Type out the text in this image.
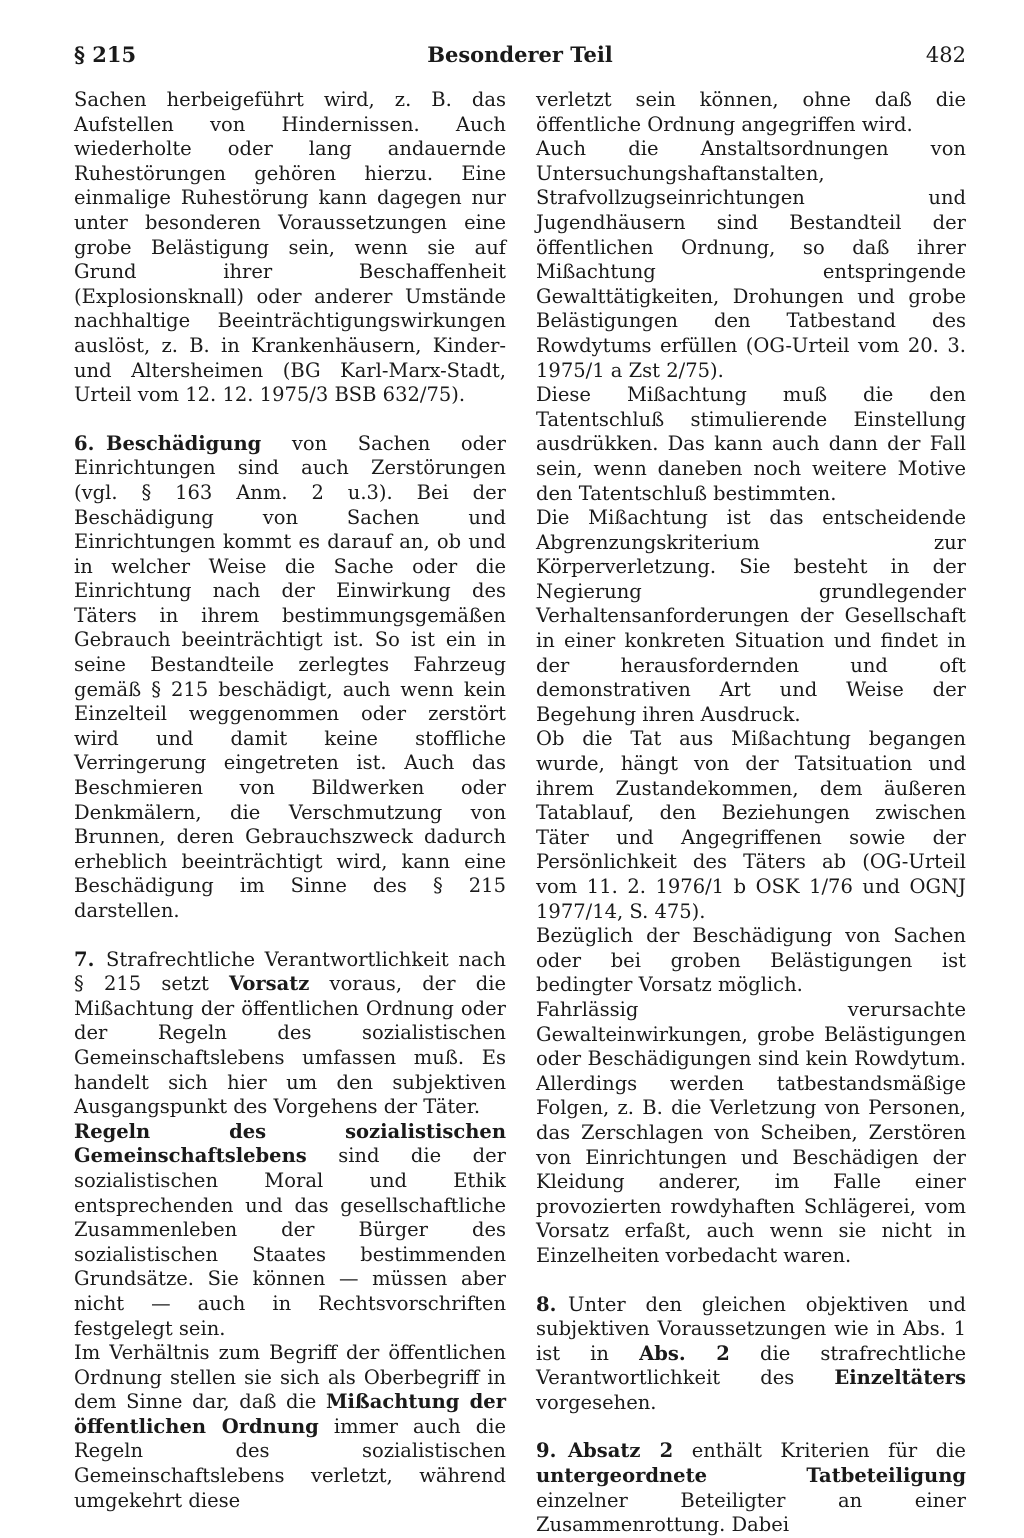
§ 215	Besonderer Teil	482

Sachen herbeigeführt wird, z. B. das Aufstellen von Hindernissen. Auch wiederholte oder lang andauernde Ruhestörungen gehören hierzu. Eine einmalige Ruhestörung kann dagegen nur unter besonderen Voraussetzungen eine grobe Belästigung sein, wenn sie auf Grund ihrer Beschaffenheit (Explosionsknall) oder anderer Umstände nachhaltige Beeinträchtigungswirkungen auslöst, z. B. in Krankenhäusern, Kinder- und Altersheimen (BG Karl-Marx-Stadt, Urteil vom 12. 12. 1975/3 BSB 632/75).

6. Beschädigung von Sachen oder Einrichtungen sind auch Zerstörungen (vgl. § 163 Anm. 2 u.3). Bei der Beschädigung von Sachen und Einrichtungen kommt es darauf an, ob und in welcher Weise die Sache oder die Einrichtung nach der Einwirkung des Täters in ihrem bestimmungsgemäßen Gebrauch beeinträchtigt ist. So ist ein in seine Bestandteile zerlegtes Fahrzeug gemäß § 215 beschädigt, auch wenn kein Einzelteil weggenommen oder zerstört wird und damit keine stoffliche Verringerung eingetreten ist. Auch das Beschmieren von Bildwerken oder Denkmälern, die Verschmutzung von Brunnen, deren Gebrauchszweck dadurch erheblich beeinträchtigt wird, kann eine Beschädigung im Sinne des § 215 darstellen.

7. Strafrechtliche Verantwortlichkeit nach § 215 setzt Vorsatz voraus, der die Mißachtung der öffentlichen Ordnung oder der Regeln des sozialistischen Gemeinschaftslebens umfassen muß. Es handelt sich hier um den subjektiven Ausgangspunkt des Vorgehens der Täter.

Regeln des sozialistischen Gemeinschaftslebens sind die der sozialistischen Moral und Ethik entsprechenden und das gesellschaftliche Zusammenleben der Bürger des sozialistischen Staates bestimmenden Grundsätze. Sie können — müssen aber nicht — auch in Rechtsvorschriften festgelegt sein.

Im Verhältnis zum Begriff der öffentlichen Ordnung stellen sie sich als Oberbegriff in dem Sinne dar, daß die Mißachtung der öffentlichen Ordnung immer auch die Regeln des sozialistischen Gemeinschaftslebens verletzt, während umgekehrt diese

verletzt sein können, ohne daß die öffentliche Ordnung angegriffen wird.

Auch die Anstaltsordnungen von Untersuchungshaftanstalten, Strafvollzugseinrichtungen und Jugendhäusern sind Bestandteil der öffentlichen Ordnung, so daß ihrer Mißachtung entspringende Gewalttätigkeiten, Drohungen und grobe Belästigungen den Tatbestand des Rowdytums erfüllen (OG-Urteil vom 20. 3. 1975/1 a Zst 2/75).

Diese Mißachtung muß die den Tatentschluß stimulierende Einstellung ausdrükken. Das kann auch dann der Fall sein, wenn daneben noch weitere Motive den Tatentschluß bestimmten.

Die Mißachtung ist das entscheidende Abgrenzungskriterium zur Körperverletzung. Sie besteht in der Negierung grundlegender Verhaltensanforderungen der Gesellschaft in einer konkreten Situation und findet in der herausfordernden und oft demonstrativen Art und Weise der Begehung ihren Ausdruck.

Ob die Tat aus Mißachtung begangen wurde, hängt von der Tatsituation und ihrem Zustandekommen, dem äußeren Tatablauf, den Beziehungen zwischen Täter und Angegriffenen sowie der Persönlichkeit des Täters ab (OG-Urteil vom 11. 2. 1976/1 b OSK 1/76 und OGNJ 1977/14, S. 475).

Bezüglich der Beschädigung von Sachen oder bei groben Belästigungen ist bedingter Vorsatz möglich.

Fahrlässig verursachte Gewalteinwirkungen, grobe Belästigungen oder Beschädigungen sind kein Rowdytum. Allerdings werden tatbestandsmäßige Folgen, z. B. die Verletzung von Personen, das Zerschlagen von Scheiben, Zerstören von Einrichtungen und Beschädigen der Kleidung anderer, im Falle einer provozierten rowdyhaften Schlägerei, vom Vorsatz erfaßt, auch wenn sie nicht in Einzelheiten vorbedacht waren.

8. Unter den gleichen objektiven und subjektiven Voraussetzungen wie in Abs. 1 ist in Abs. 2 die strafrechtliche Verantwortlichkeit des Einzeltäters vorgesehen.

9. Absatz 2 enthält Kriterien für die untergeordnete Tatbeteiligung einzelner Beteiligter an einer Zusammenrottung. Dabei
